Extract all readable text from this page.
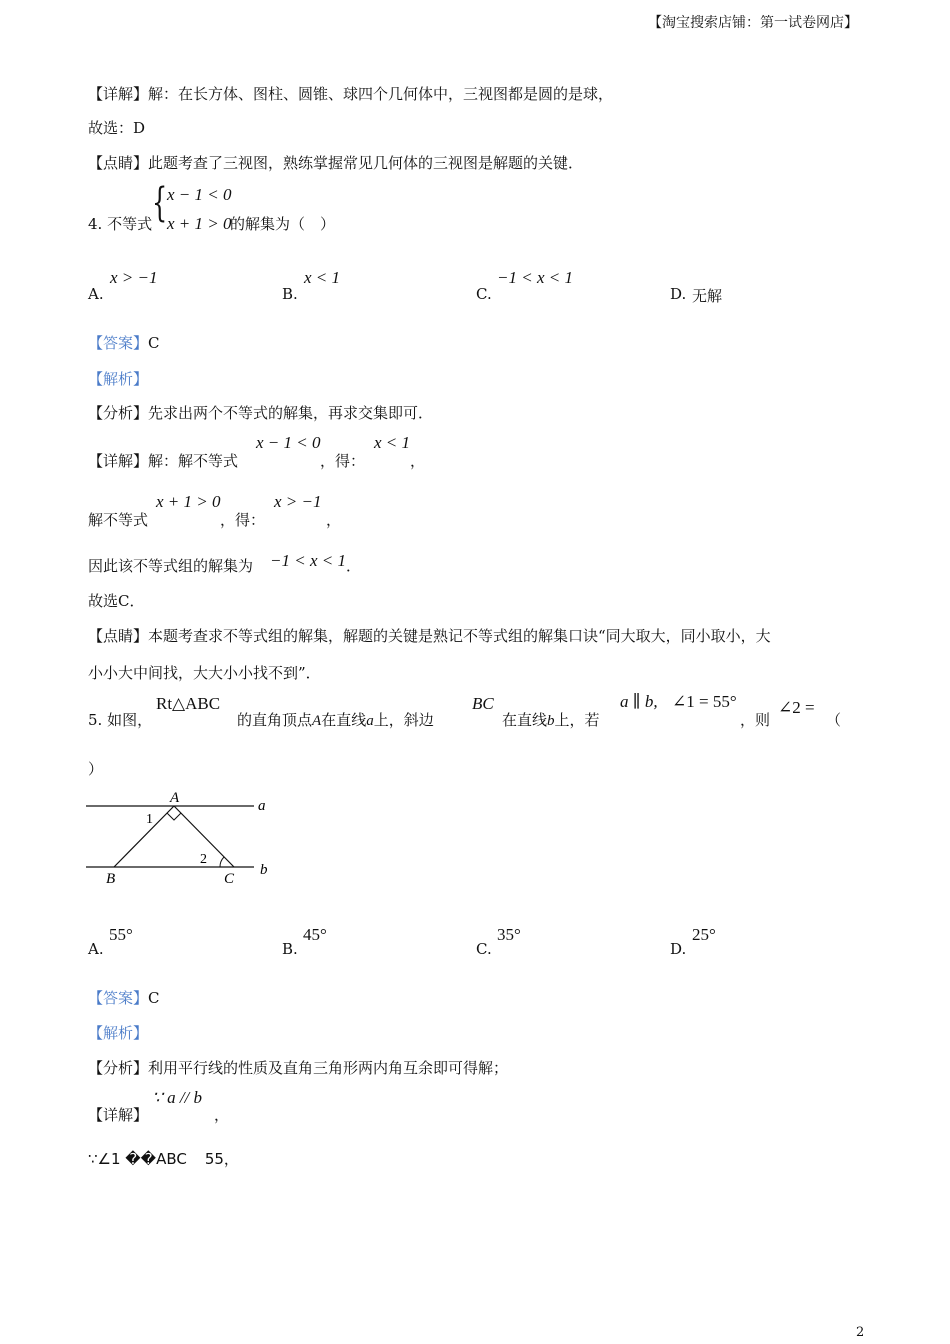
【淘宝搜索店铺：第一试卷网店】
【详解】解：在长方体、图柱、圆锥、球四个几何体中，三视图都是圆的是球，
故选：D
【点睛】此题考查了三视图，熟练掌握常见几何体的三视图是解题的关键．
4. 不等式 { x − 1 < 0
x + 1 > 0
的解集为（　）
A.
x > −1
B.
x < 1
C.
−1 < x < 1
D. 无解
【答案】C
【解析】
【分析】先求出两个不等式的解集，再求交集即可．
【详解】解：解不等式
x − 1 < 0
，得：
x < 1
，
解不等式
x + 1 > 0
，得：
x > −1
，
因此该不等式组的解集为 −1 < x < 1 ．
故选C．
【点睛】本题考查求不等式组的解集，解题的关键是熟记不等式组的解集口诀“同大取大，同小取小，大
小小大中间找，大大小小找不到”．
5. 如图，
Rt△ABC
的直角顶点A在直线a上，斜边
BC
在直线b上，若
a ∥ b, ∠1 = 55°
，则
∠2 =
（
）
A
1
2
a
b
B	C
A.
55°
B.
45°
C.
35°
D.
25°
【答案】C
【解析】
【分析】利用平行线的性质及直角三角形两内角互余即可得解；
【详解】
∵ a // b
，
∵∠1 ��ABC 55，
2
